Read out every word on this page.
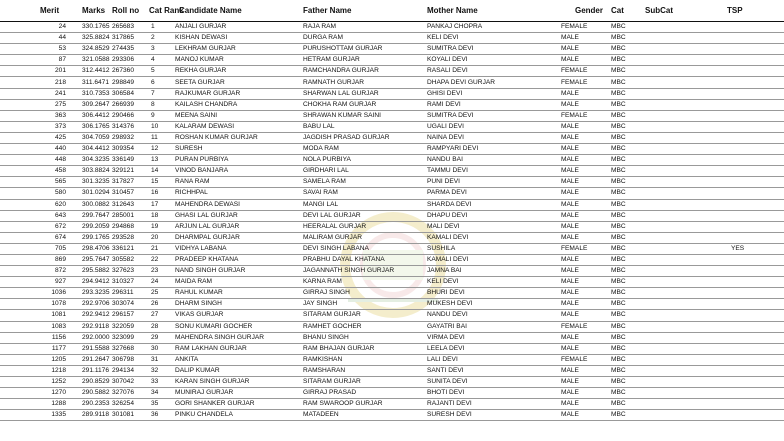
Merit	Marks	Roll no	Cat Rank	Candidate Name	Father Name	Mother Name	Gender	Cat	SubCat	TSP
24	330.1765	265683	1	ANJALI GURJAR	RAJA RAM	PANKAJ CHOPRA	FEMALE	MBC		
44	325.8824	317865	2	KISHAN DEWASI	DURGA RAM	KELI DEVI	MALE	MBC		
53	324.8529	274435	3	LEKHRAM GURJAR	PURUSHOTTAM GURJAR	SUMITRA DEVI	MALE	MBC		
87	321.0588	293306	4	MANOJ KUMAR	HETRAM GURJAR	KOYALI DEVI	MALE	MBC		
201	312.4412	267360	5	REKHA GURJAR	RAMCHANDRA GURJAR	RASALI DEVI	FEMALE	MBC		
218	311.6471	298849	6	SEETA GURJAR	RAMNATH GURJAR	DHAPA DEVI GURJAR	FEMALE	MBC		
241	310.7353	306584	7	RAJKUMAR GURJAR	SHARWAN LAL GURJAR	GHISI DEVI	MALE	MBC		
275	309.2647	266939	8	KAILASH CHANDRA	CHOKHA RAM GURJAR	RAMI DEVI	MALE	MBC		
363	306.4412	290466	9	MEENA SAINI	SHRAWAN KUMAR SAINI	SUMITRA DEVI	FEMALE	MBC		
373	306.1765	314376	10	KALARAM DEWASI	BABU LAL	UGALI DEVI	MALE	MBC		
425	304.7059	298932	11	ROSHAN KUMAR GURJAR	JAGDISH PRASAD GURJAR	NAINA DEVI	MALE	MBC		
440	304.4412	309354	12	SURESH	MODA RAM	RAMPYARI DEVI	MALE	MBC		
448	304.3235	336149	13	PURAN PURBIYA	NOLA PURBIYA	NANDU BAI	MALE	MBC		
458	303.8824	329121	14	VINOD BANJARA	GIRDHARI LAL	TAMMU DEVI	MALE	MBC		
565	301.3235	317827	15	RANA RAM	SAMELA RAM	PUNI DEVI	MALE	MBC		
580	301.0294	310457	16	RICHHPAL	SAVAI RAM	PARMA DEVI	MALE	MBC		
620	300.0882	312643	17	MAHENDRA DEWASI	MANGI LAL	SHARDA DEVI	MALE	MBC		
643	299.7647	285001	18	GHASI LAL GURJAR	DEVI LAL GURJAR	DHAPU DEVI	MALE	MBC		
672	299.2059	294868	19	ARJUN LAL GURJAR	HEERALAL GURJAR	MALI DEVI	MALE	MBC		
674	299.1765	293528	20	DHARMPAL GURJAR	MALIRAM GURJAR	KAMALI DEVI	MALE	MBC		
705	298.4706	336121	21	VIDHYA LABANA	DEVI SINGH LABANA	SUSHILA	FEMALE	MBC		YES
869	295.7647	305582	22	PRADEEP KHATANA	PRABHU DAYAL KHATANA	KAMALI DEVI	MALE	MBC		
872	295.5882	327623	23	NAND SINGH GURJAR	JAGANNATH SINGH GURJAR	JAMNA BAI	MALE	MBC		
927	294.9412	310327	24	MAIDA RAM	KARNA RAM	KELI DEVI	MALE	MBC		
1036	293.3235	296311	25	RAHUL KUMAR	GIRRAJ SINGH	BHURI DEVI	MALE	MBC		
1078	292.9706	303074	26	DHARM SINGH	JAY SINGH	MUKESH DEVI	MALE	MBC		
1081	292.9412	296157	27	VIKAS GURJAR	SITARAM GURJAR	NANDU DEVI	MALE	MBC		
1083	292.9118	322059	28	SONU KUMARI GOCHER	RAMHET GOCHER	GAYATRI BAI	FEMALE	MBC		
1156	292.0000	323099	29	MAHENDRA SINGH GURJAR	BHANU SINGH	VIRMA DEVI	MALE	MBC		
1177	291.5588	327668	30	RAM LAKHAN GURJAR	RAM BHAJAN GURJAR	LEELA DEVI	MALE	MBC		
1205	291.2647	306798	31	ANKITA	RAMKISHAN	LALI DEVI	FEMALE	MBC		
1218	291.1176	294134	32	DALIP KUMAR	RAMSHARAN	SANTI DEVI	MALE	MBC		
1252	290.8529	307042	33	KARAN SINGH GURJAR	SITARAM GURJAR	SUNITA DEVI	MALE	MBC		
1270	290.5882	327076	34	MUNIRAJ GURJAR	GIRRAJ PRASAD	BHOTI DEVI	MALE	MBC		
1288	290.2353	326254	35	GORI SHANKER GURJAR	RAM SWAROOP GURJAR	RAJANTI DEVI	MALE	MBC		
1335	289.9118	301081	36	PINKU CHANDELA	MATADEEN	SURESH DEVI	MALE	MBC		
